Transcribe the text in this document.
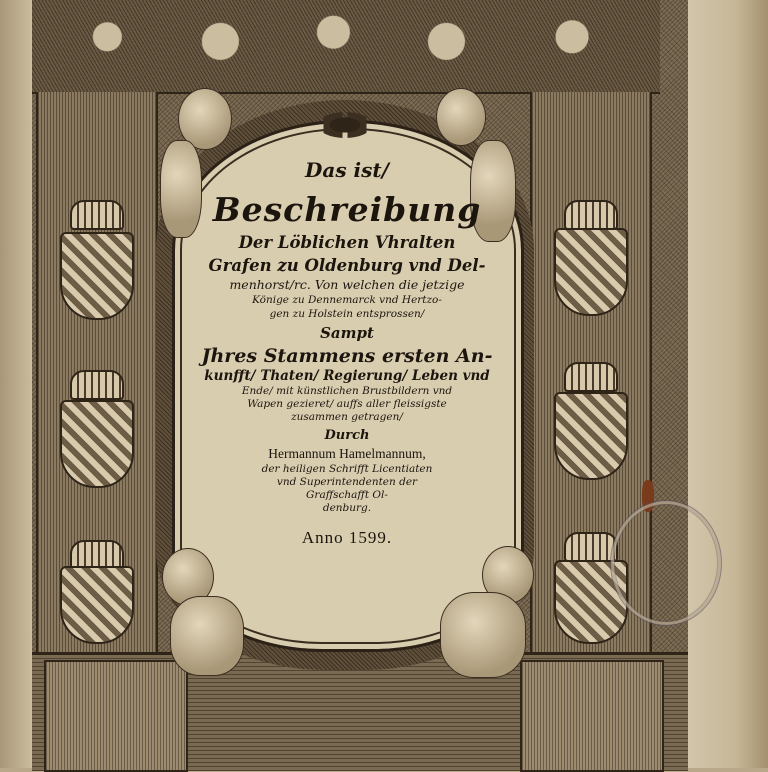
Das ist/
Beschreibung
Der Löblichen Vhralten
Grafen zu Oldenburg vnd Del-
menhorst/rc. Von welchen die jetzige
Könige zu Dennemarck vnd Hertzo-
gen zu Holstein entsprossen/
Sampt
Jhres Stammens ersten An-
kunfft/ Thaten/ Regierung/ Leben vnd
Ende/ mit künstlichen Brustbildern vnd
Wapen gezieret/ auffs aller fleissigste
zusammen getragen/
Durch
Hermannum Hamelmannum,
der heiligen Schrifft Licentiaten
vnd Superintendenten der
Graffschafft Ol-
denburg.
Anno 1599.
